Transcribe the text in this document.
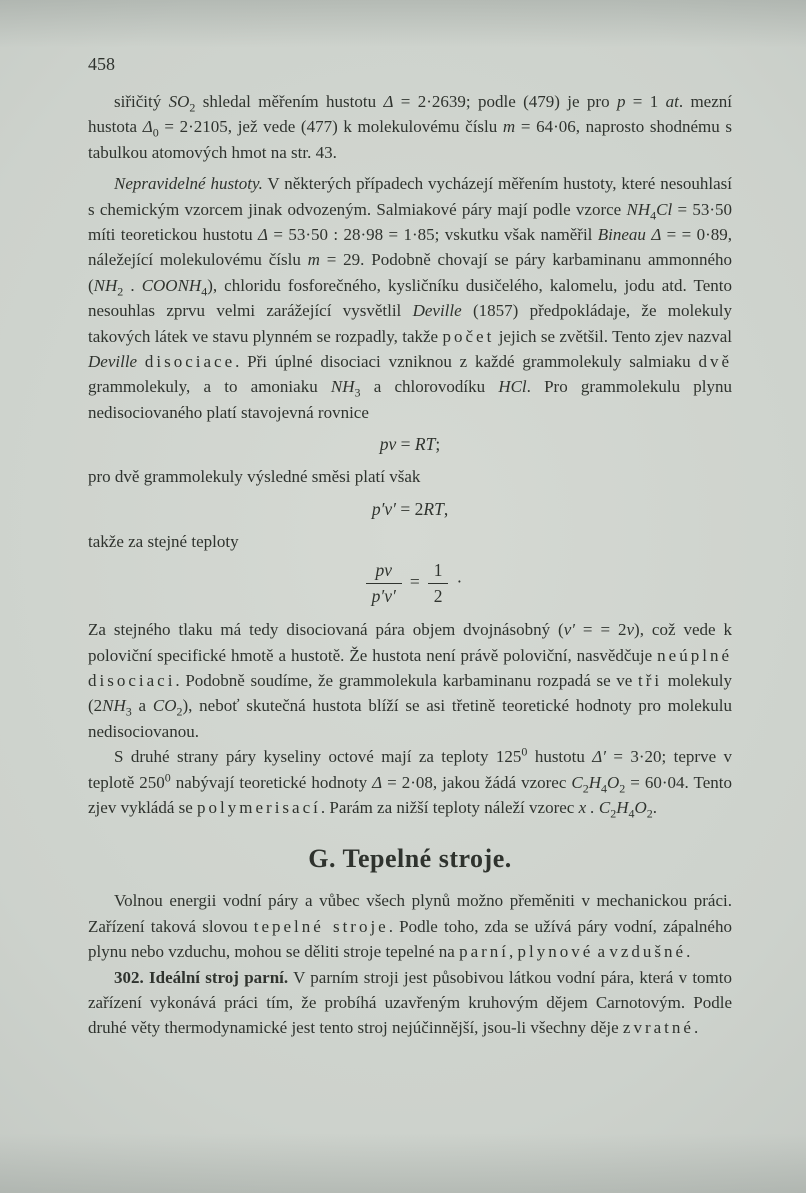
458

siřičitý $SO_2$ shledal měřením hustotu Δ = 2·2639; podle (479) je pro p = 1 at. mezní hustota $\Delta_0 = 2\cdot 2105$, jež vede (477) k molekulovému číslu m = 64·06, naprosto shodnému s tabulkou atomových hmot na str. 43.

Nepravidelné hustoty. V některých případech vycházejí měřením hustoty, které nesouhlasí s chemickým vzorcem jinak odvozeným. Salmiakové páry mají podle vzorce $NH_4Cl = 53\cdot 50$ míti teoretickou hustotu Δ = 53·50 : 28·98 = 1·85; vskutku však naměřil Bineau Δ = = 0·89, náležející molekulovému číslu m = 29. Podobně chovají se páry karbaminanu ammonného ($NH_2$ . $COONH_4$), chloridu fosforečného, kysličníku dusičelého, kalomelu, jodu atd. Tento nesouhlas zprvu velmi zarážející vysvětlil Deville (1857) předpokládaje, že molekuly takových látek ve stavu plynném se rozpadly, takže počet jejich se zvětšil. Tento zjev nazval Deville disociace. Při úplné disociaci vzniknou z každé grammolekuly salmiaku dvě grammolekuly, a to amoniaku $NH_3$ a chlorovodíku HCl. Pro grammolekulu plynu nedisociovaného platí stavojevná rovnice

pv = RT;

pro dvě grammolekuly výsledné směsi platí však

p′v′ = 2RT,

takže za stejné teploty

$\frac{pv}{p'v'} = \frac{1}{2}$ ·

Za stejného tlaku má tedy disociovaná pára objem dvojnásobný (v′ = = 2v), což vede k poloviční specifické hmotě a hustotě. Že hustota není právě poloviční, nasvědčuje neúplné disociaci. Podobně soudíme, že grammolekula karbaminanu rozpadá se ve tři molekuly ($2NH_3$ a $CO_2$), neboť skutečná hustota blíží se asi třetině teoretické hodnoty pro molekulu nedisociovanou.

S druhé strany páry kyseliny octové mají za teploty $125^0$ hustotu Δ′ = 3·20; teprve v teplotě $250^0$ nabývají teoretické hodnoty Δ = 2·08, jakou žádá vzorec $C_2H_4O_2 = 60\cdot 04$. Tento zjev vykládá se polymerisací. Parám za nižší teploty náleží vzorec x . $C_2H_4O_2$.

G. Tepelné stroje.

Volnou energii vodní páry a vůbec všech plynů možno přeměniti v mechanickou práci. Zařízení taková slovou tepelné stroje. Podle toho, zda se užívá páry vodní, zápalného plynu nebo vzduchu, mohou se děliti stroje tepelné na parní, plynové a vzdušné.

302. Ideální stroj parní. V parním stroji jest působivou látkou vodní pára, která v tomto zařízení vykonává práci tím, že probíhá uzavřeným kruhovým dějem Carnotovým. Podle druhé věty thermodynamické jest tento stroj nejúčinnější, jsou-li všechny děje zvratné.
